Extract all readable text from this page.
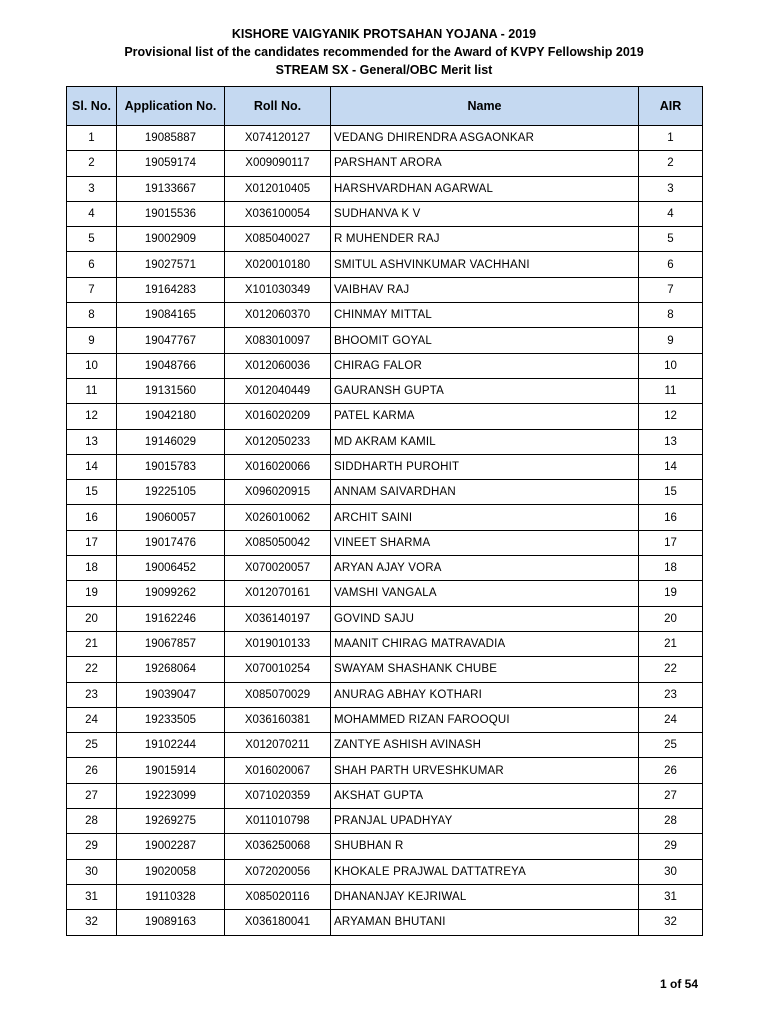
KISHORE VAIGYANIK PROTSAHAN YOJANA - 2019
Provisional list of the candidates recommended for the Award of KVPY Fellowship 2019
STREAM SX - General/OBC Merit list
Sl. No.	Application No.	Roll No.	Name	AIR
1	19085887	X074120127	VEDANG DHIRENDRA ASGAONKAR	1
2	19059174	X009090117	PARSHANT ARORA	2
3	19133667	X012010405	HARSHVARDHAN AGARWAL	3
4	19015536	X036100054	SUDHANVA K V	4
5	19002909	X085040027	R MUHENDER RAJ	5
6	19027571	X020010180	SMITUL ASHVINKUMAR VACHHANI	6
7	19164283	X101030349	VAIBHAV RAJ	7
8	19084165	X012060370	CHINMAY MITTAL	8
9	19047767	X083010097	BHOOMIT GOYAL	9
10	19048766	X012060036	CHIRAG FALOR	10
11	19131560	X012040449	GAURANSH GUPTA	11
12	19042180	X016020209	PATEL KARMA	12
13	19146029	X012050233	MD AKRAM KAMIL	13
14	19015783	X016020066	SIDDHARTH PUROHIT	14
15	19225105	X096020915	ANNAM SAIVARDHAN	15
16	19060057	X026010062	ARCHIT SAINI	16
17	19017476	X085050042	VINEET SHARMA	17
18	19006452	X070020057	ARYAN AJAY VORA	18
19	19099262	X012070161	VAMSHI VANGALA	19
20	19162246	X036140197	GOVIND SAJU	20
21	19067857	X019010133	MAANIT CHIRAG MATRAVADIA	21
22	19268064	X070010254	SWAYAM SHASHANK CHUBE	22
23	19039047	X085070029	ANURAG ABHAY KOTHARI	23
24	19233505	X036160381	MOHAMMED RIZAN FAROOQUI	24
25	19102244	X012070211	ZANTYE ASHISH AVINASH	25
26	19015914	X016020067	SHAH PARTH URVESHKUMAR	26
27	19223099	X071020359	AKSHAT GUPTA	27
28	19269275	X011010798	PRANJAL UPADHYAY	28
29	19002287	X036250068	SHUBHAN R	29
30	19020058	X072020056	KHOKALE PRAJWAL DATTATREYA	30
31	19110328	X085020116	DHANANJAY KEJRIWAL	31
32	19089163	X036180041	ARYAMAN BHUTANI	32
1 of 54
